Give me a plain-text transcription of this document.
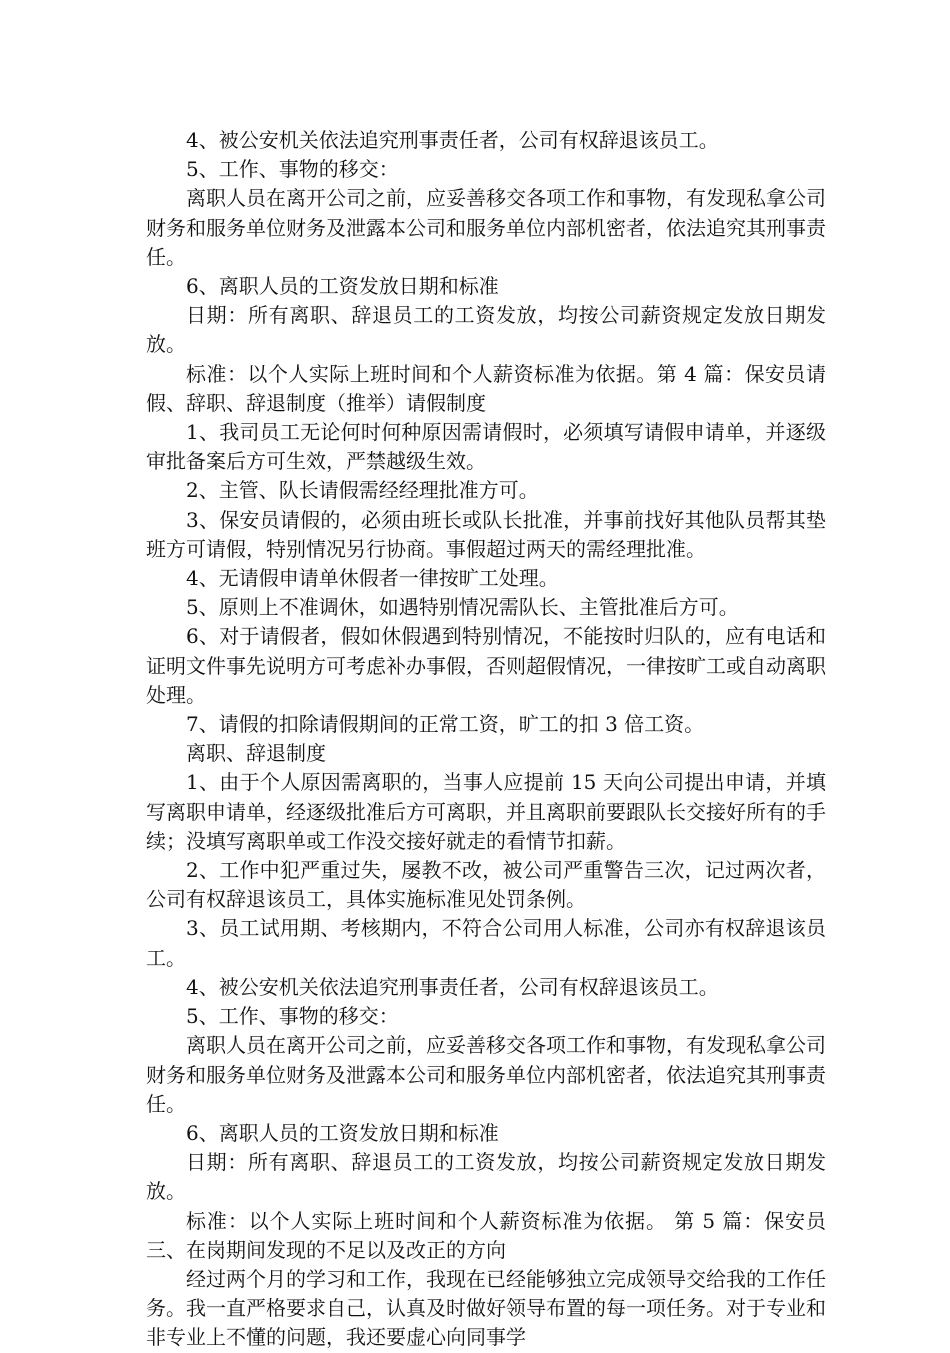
4、被公安机关依法追究刑事责任者，公司有权辞退该员工。

5、工作、事物的移交：

离职人员在离开公司之前，应妥善移交各项工作和事物，有发现私拿公司财务和服务单位财务及泄露本公司和服务单位内部机密者，依法追究其刑事责任。

6、离职人员的工资发放日期和标准

日期：所有离职、辞退员工的工资发放，均按公司薪资规定发放日期发放。

标准：以个人实际上班时间和个人薪资标准为依据。第 4 篇：保安员请假、辞职、辞退制度（推举）请假制度

1、我司员工无论何时何种原因需请假时，必须填写请假申请单，并逐级审批备案后方可生效，严禁越级生效。

2、主管、队长请假需经经理批准方可。

3、保安员请假的，必须由班长或队长批准，并事前找好其他队员帮其垫班方可请假，特别情况另行协商。事假超过两天的需经理批准。

4、无请假申请单休假者一律按旷工处理。

5、原则上不准调休，如遇特别情况需队长、主管批准后方可。

6、对于请假者，假如休假遇到特别情况，不能按时归队的，应有电话和证明文件事先说明方可考虑补办事假，否则超假情况，一律按旷工或自动离职处理。

7、请假的扣除请假期间的正常工资，旷工的扣 3 倍工资。

离职、辞退制度

1、由于个人原因需离职的，当事人应提前 15 天向公司提出申请，并填写离职申请单，经逐级批准后方可离职，并且离职前要跟队长交接好所有的手续；没填写离职单或工作没交接好就走的看情节扣薪。

2、工作中犯严重过失，屡教不改，被公司严重警告三次，记过两次者，公司有权辞退该员工，具体实施标准见处罚条例。

3、员工试用期、考核期内，不符合公司用人标准，公司亦有权辞退该员工。

4、被公安机关依法追究刑事责任者，公司有权辞退该员工。

5、工作、事物的移交：

离职人员在离开公司之前，应妥善移交各项工作和事物，有发现私拿公司财务和服务单位财务及泄露本公司和服务单位内部机密者，依法追究其刑事责任。

6、离职人员的工资发放日期和标准

日期：所有离职、辞退员工的工资发放，均按公司薪资规定发放日期发放。

标准：以个人实际上班时间和个人薪资标准为依据。 第 5 篇：保安员三、在岗期间发现的不足以及改正的方向

经过两个月的学习和工作，我现在已经能够独立完成领导交给我的工作任务。我一直严格要求自己，认真及时做好领导布置的每一项任务。对于专业和非专业上不懂的问题，我还要虚心向同事学
